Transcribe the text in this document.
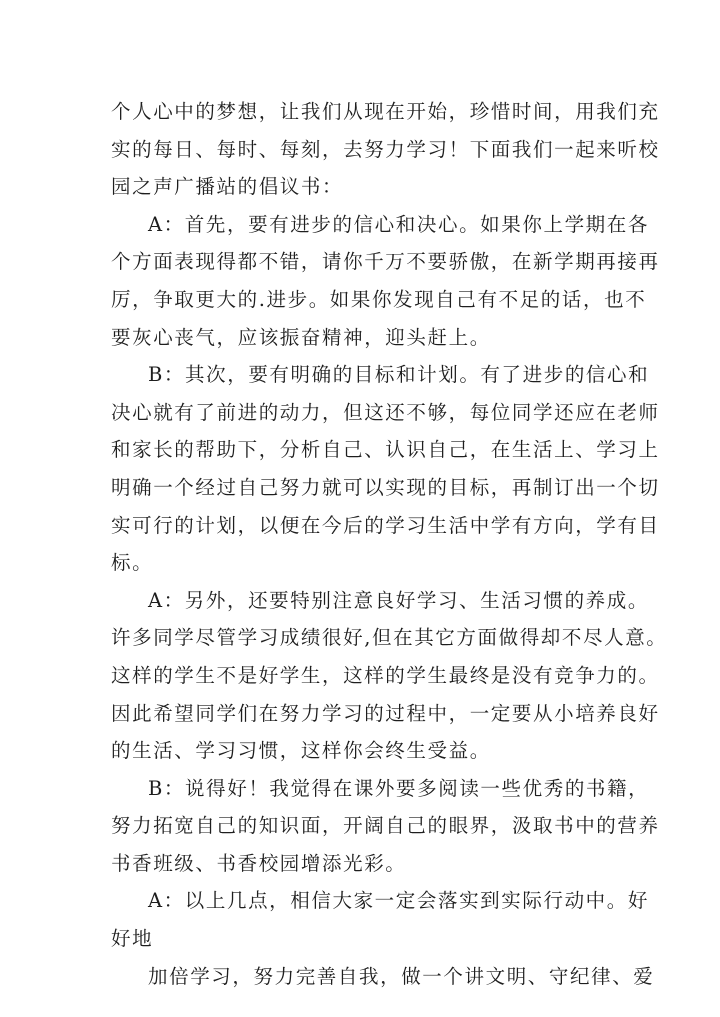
个人心中的梦想，让我们从现在开始，珍惜时间，用我们充
实的每日、每时、每刻，去努力学习！下面我们一起来听校
园之声广播站的倡议书：
A：首先，要有进步的信心和决心。如果你上学期在各
个方面表现得都不错，请你千万不要骄傲，在新学期再接再
厉，争取更大的.进步。如果你发现自己有不足的话，也不
要灰心丧气，应该振奋精神，迎头赶上。
B：其次，要有明确的目标和计划。有了进步的信心和
决心就有了前进的动力，但这还不够，每位同学还应在老师
和家长的帮助下，分析自己、认识自己，在生活上、学习上
明确一个经过自己努力就可以实现的目标，再制订出一个切
实可行的计划，以便在今后的学习生活中学有方向，学有目
标。
A：另外，还要特别注意良好学习、生活习惯的养成。
许多同学尽管学习成绩很好,但在其它方面做得却不尽人意。
这样的学生不是好学生，这样的学生最终是没有竞争力的。
因此希望同学们在努力学习的过程中，一定要从小培养良好
的生活、学习习惯，这样你会终生受益。
B：说得好！我觉得在课外要多阅读一些优秀的书籍，
努力拓宽自己的知识面，开阔自己的眼界，汲取书中的营养
书香班级、书香校园增添光彩。
A：以上几点，相信大家一定会落实到实际行动中。好
好地
加倍学习，努力完善自我，做一个讲文明、守纪律、爱
